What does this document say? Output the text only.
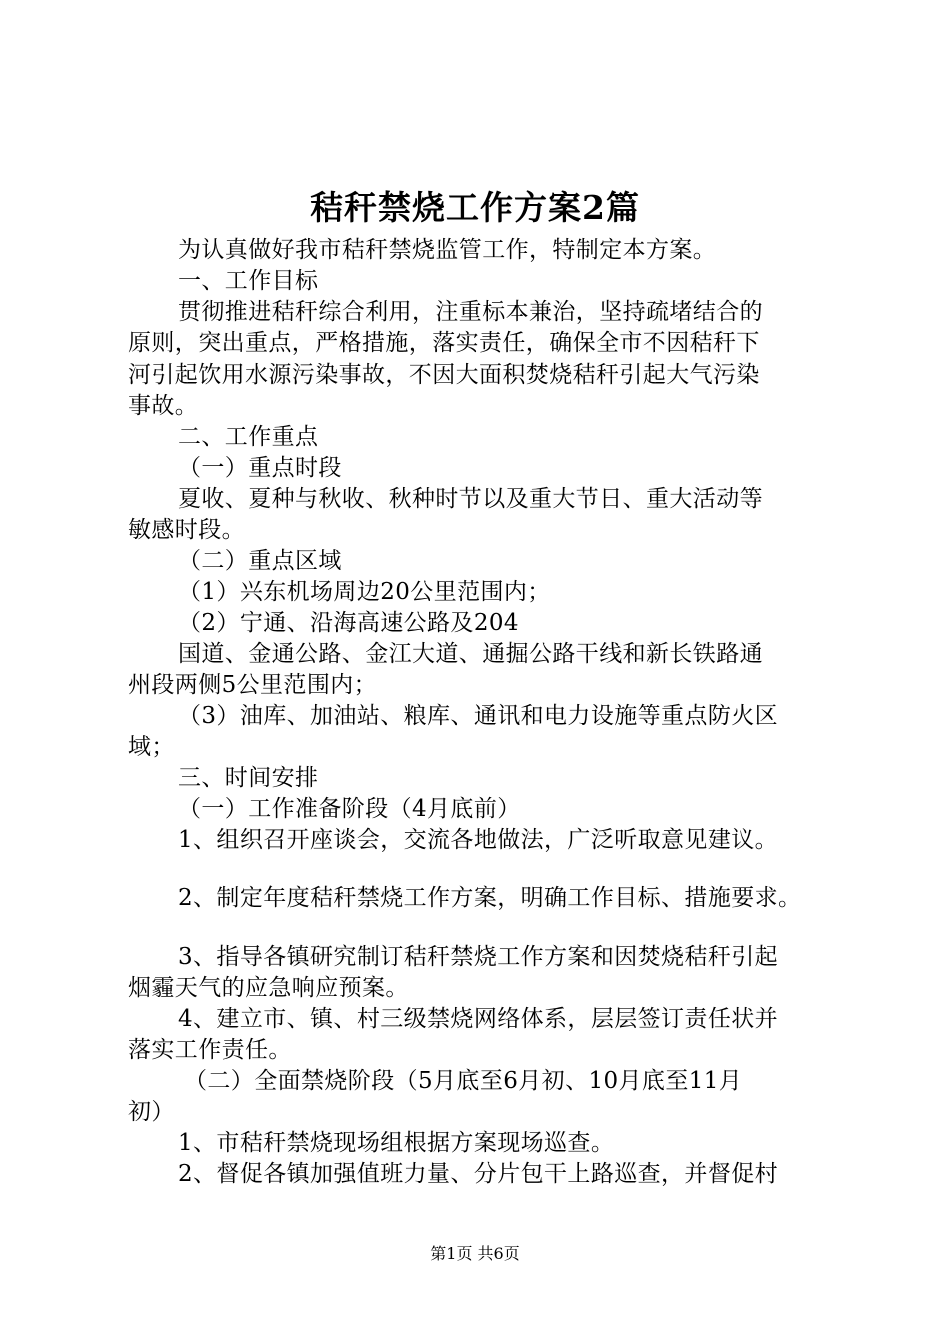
秸秆禁烧工作方案2篇
为认真做好我市秸秆禁烧监管工作，特制定本方案。
一、工作目标
贯彻推进秸秆综合利用，注重标本兼治，坚持疏堵结合的
原则，突出重点，严格措施，落实责任，确保全市不因秸秆下
河引起饮用水源污染事故，不因大面积焚烧秸秆引起大气污染
事故。
二、工作重点
（一）重点时段
夏收、夏种与秋收、秋种时节以及重大节日、重大活动等
敏感时段。
（二）重点区域
（1）兴东机场周边20公里范围内；
（2）宁通、沿海高速公路及204
国道、金通公路、金江大道、通掘公路干线和新长铁路通
州段两侧5公里范围内；
（3）油库、加油站、粮库、通讯和电力设施等重点防火区
域；
三、时间安排
（一）工作准备阶段（4月底前）
1、组织召开座谈会，交流各地做法，广泛听取意见建议。
2、制定年度秸秆禁烧工作方案，明确工作目标、措施要求。
3、指导各镇研究制订秸秆禁烧工作方案和因焚烧秸秆引起
烟霾天气的应急响应预案。
4、建立市、镇、村三级禁烧网络体系，层层签订责任状并
落实工作责任。
（二）全面禁烧阶段（5月底至6月初、10月底至11月
初）
1、市秸秆禁烧现场组根据方案现场巡查。
2、督促各镇加强值班力量、分片包干上路巡查，并督促村
第1页 共6页
